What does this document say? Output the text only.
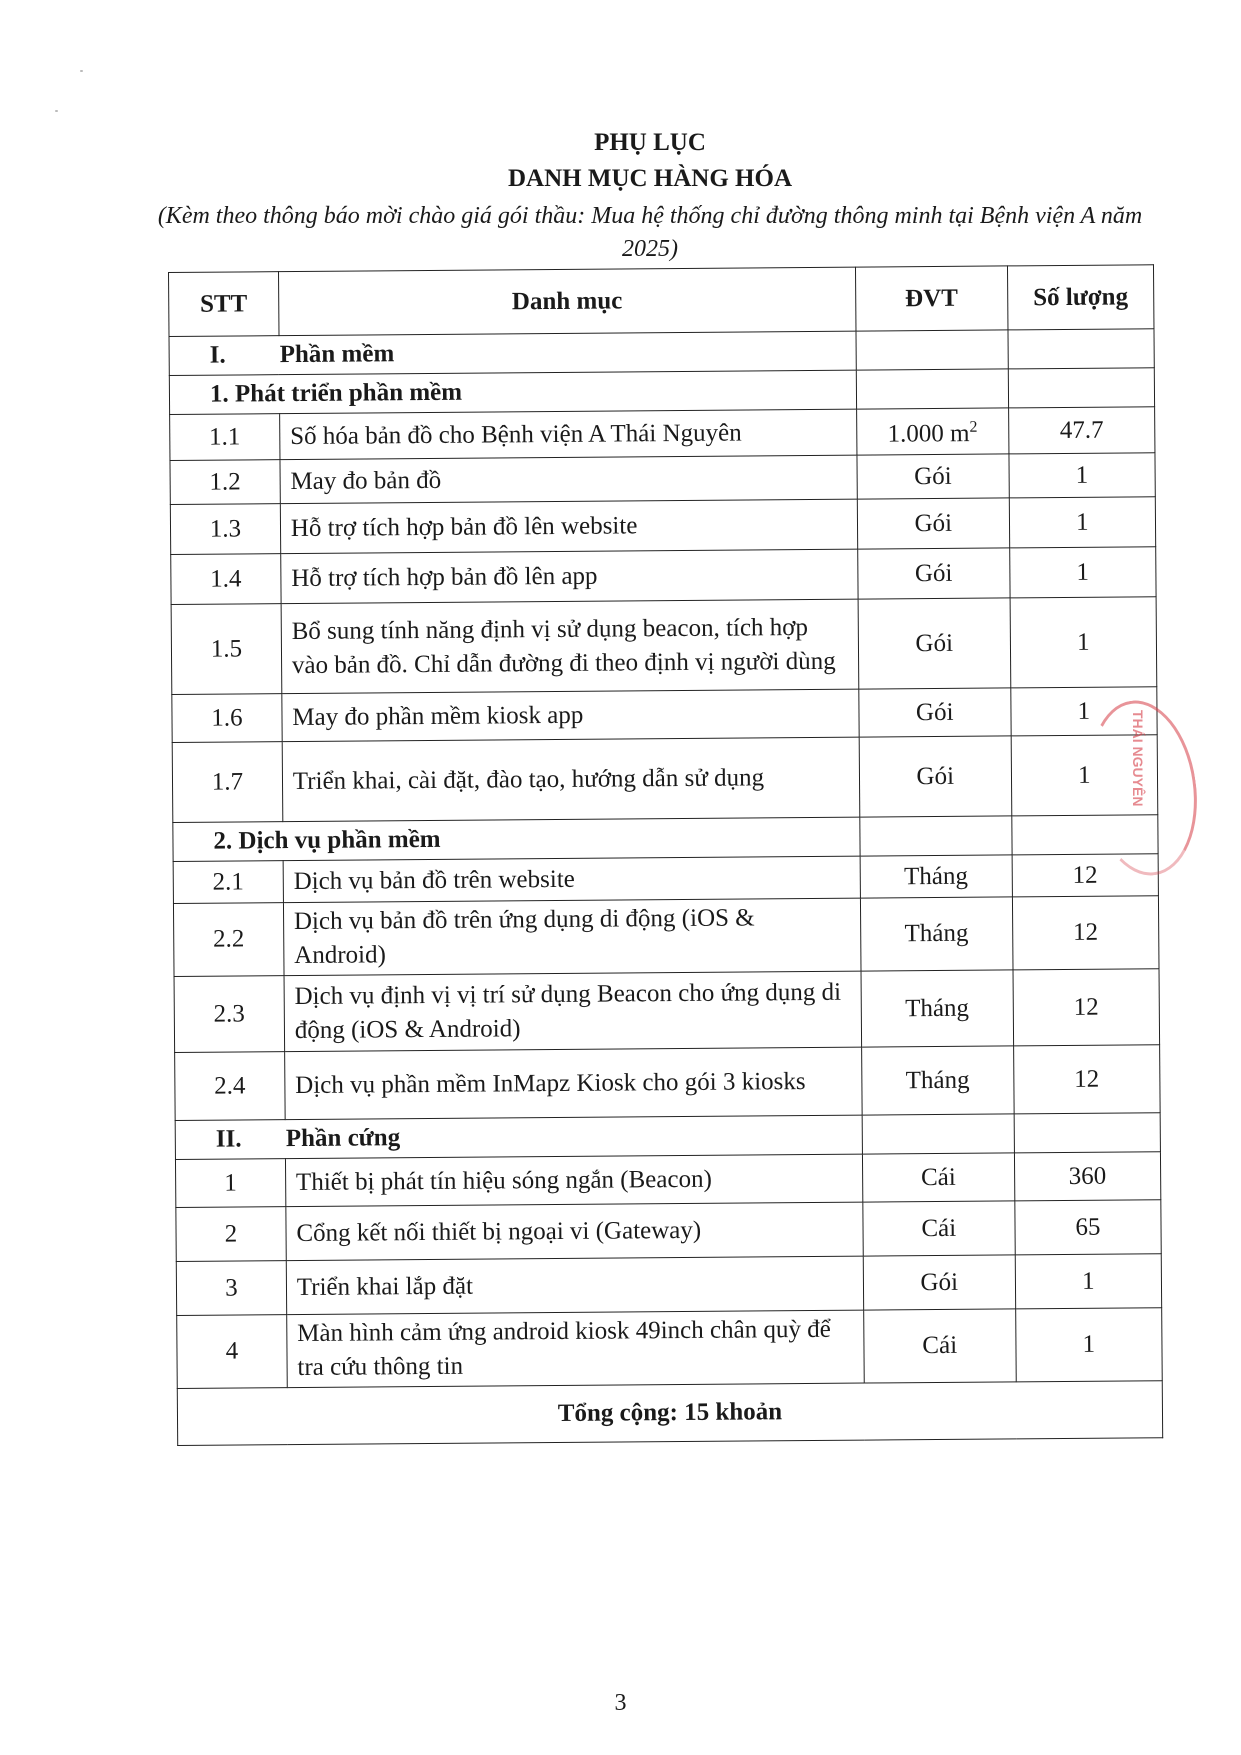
PHỤ LỤC
DANH MỤC HÀNG HÓA
(Kèm theo thông báo mời chào giá gói thầu: Mua hệ thống chỉ đường thông minh tại Bệnh viện A năm 2025)
STT	Danh mục	ĐVT	Số lượng
I. Phần mềm			
1. Phát triển phần mềm			
1.1	Số hóa bản đồ cho Bệnh viện A Thái Nguyên	1.000 $m^2$	47.7
1.2	May đo bản đồ	Gói	1
1.3	Hỗ trợ tích hợp bản đồ lên website	Gói	1
1.4	Hỗ trợ tích hợp bản đồ lên app	Gói	1
1.5	Bổ sung tính năng định vị sử dụng beacon, tích hợp vào bản đồ. Chỉ dẫn đường đi theo định vị người dùng	Gói	1
1.6	May đo phần mềm kiosk app	Gói	1
1.7	Triển khai, cài đặt, đào tạo, hướng dẫn sử dụng	Gói	1
2. Dịch vụ phần mềm			
2.1	Dịch vụ bản đồ trên website	Tháng	12
2.2	Dịch vụ bản đồ trên ứng dụng di động (iOS & Android)	Tháng	12
2.3	Dịch vụ định vị vị trí sử dụng Beacon cho ứng dụng di động (iOS & Android)	Tháng	12
2.4	Dịch vụ phần mềm InMapz Kiosk cho gói 3 kiosks	Tháng	12
II. Phần cứng			
1	Thiết bị phát tín hiệu sóng ngắn (Beacon)	Cái	360
2	Cổng kết nối thiết bị ngoại vi (Gateway)	Cái	65
3	Triển khai lắp đặt	Gói	1
4	Màn hình cảm ứng android kiosk 49inch chân quỳ để tra cứu thông tin	Cái	1
Tổng cộng: 15 khoản			
THÁI NGUYÊN
3
